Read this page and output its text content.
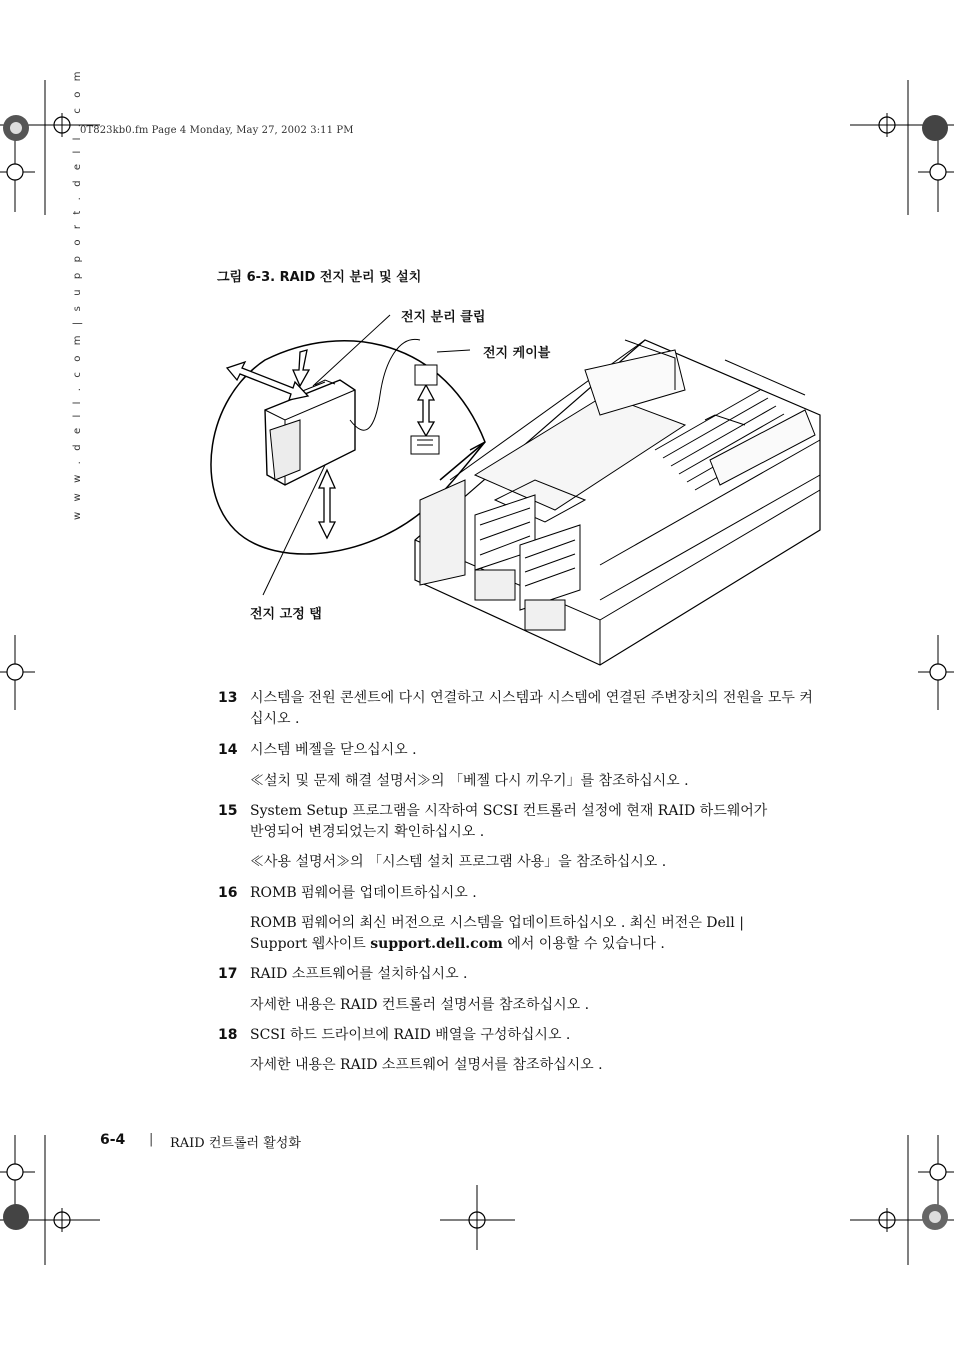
0T823kb0.fm Page 4 Monday, May 27, 2002 3:11 PM
w w w . d e l l . c o m | s u p p o r t . d e l l . c o m	그림 6-3. RAID 전지 분리 및 설치
전지 분리 클립
전지 케이블
전지 고정 탭
13 시스템을 전원 콘센트에 다시 연결하고 시스템과 시스템에 연결된 주변장치의 전원을 모두 켜십시오 .
14 시스템 베젤을 닫으십시오 .
≪설치 및 문제 해결 설명서≫의 「베젤 다시 끼우기」를 참조하십시오 .
15 System Setup 프로그램을 시작하여 SCSI 컨트롤러 설정에 현재 RAID 하드웨어가 반영되어 변경되었는지 확인하십시오 .
≪사용 설명서≫의 「시스템 설치 프로그램 사용」을 참조하십시오 .
16 ROMB 펌웨어를 업데이트하십시오 .
ROMB 펌웨어의 최신 버전으로 시스템을 업데이트하십시오 . 최신 버전은 Dell | Support 웹사이트 support.dell.com 에서 이용할 수 있습니다 .
17 RAID 소프트웨어를 설치하십시오 .
자세한 내용은 RAID 컨트롤러 설명서를 참조하십시오 .
18 SCSI 하드 드라이브에 RAID 배열을 구성하십시오 .
자세한 내용은 RAID 소프트웨어 설명서를 참조하십시오 .
6-4 | RAID 컨트롤러 활성화
